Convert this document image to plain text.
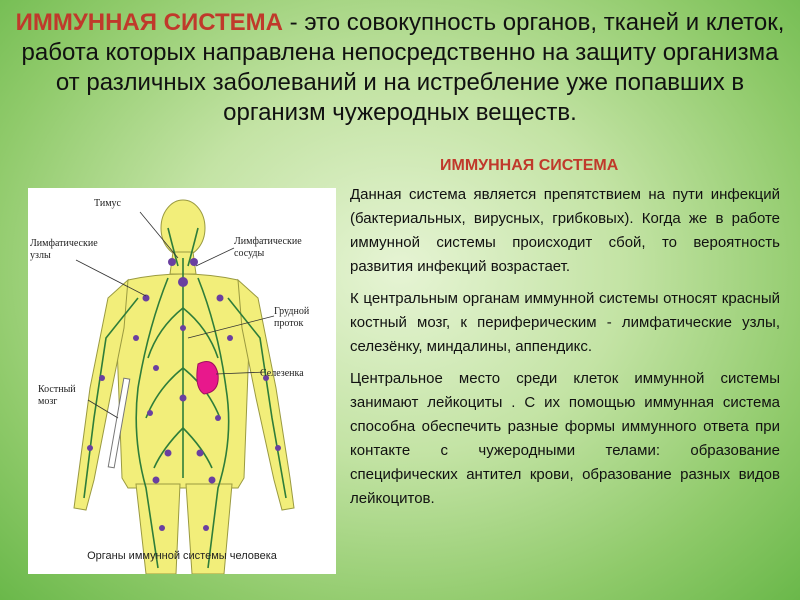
ИММУННАЯ СИСТЕМА - это совокупность органов, тканей и клеток, работа которых направлена непосредственно на защиту организма от различных заболеваний и на истребление уже попавших в организм чужеродных веществ.
Тимус
Лимфатические узлы
Лимфатические сосуды
Грудной проток
Селезенка
Костный мозг
Органы иммунной системы человека
ИММУННАЯ СИСТЕМА

Данная система является препятствием на пути инфекций (бактериальных, вирусных, грибковых). Когда же в работе иммунной системы происходит сбой, то вероятность развития инфекций возрастает.

К центральным органам иммунной системы относят красный костный мозг, к периферическим - лимфатические узлы, селезёнку, миндалины, аппендикс.

Центральное место среди клеток иммунной системы занимают лейкоциты . С их помощью иммунная система способна обеспечить разные формы иммунного ответа при контакте с чужеродными телами: образование специфических антител крови, образование разных видов лейкоцитов.
